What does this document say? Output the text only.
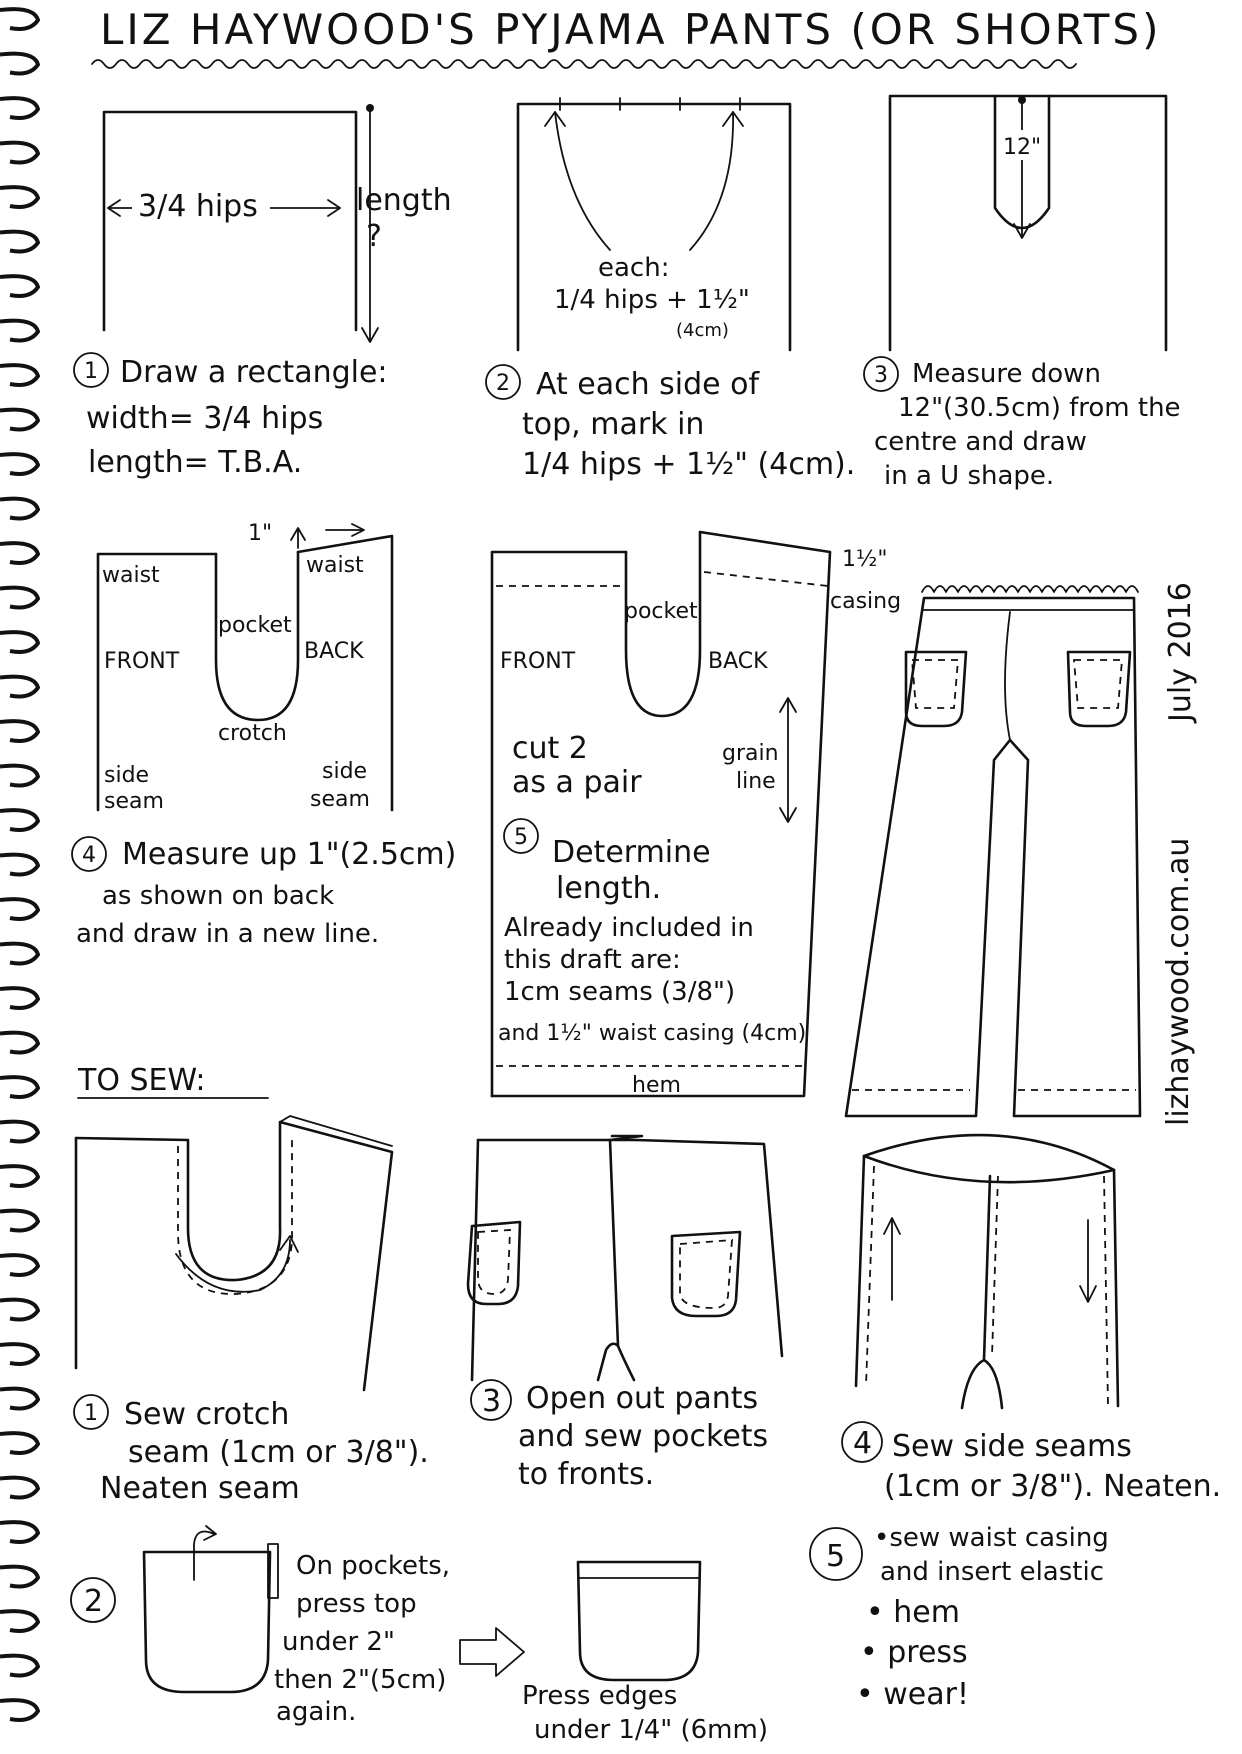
LIZ HAYWOOD'S PYJAMA PANTS (OR SHORTS)
3/4 hips	length
?
1 Draw a rectangle:
width= 3/4 hips
length= T.B.A.
each:
1/4 hips + 1½"
(4cm)
2 At each side of
top, mark in
1/4 hips + 1½" (4cm).
12"
3 Measure down
12"(30.5cm) from the
centre and draw
in a U shape.
1"
waist	waist
pocket
FRONT	BACK
crotch
side
seam
side
seam
4 Measure up 1"(2.5cm)
as shown on back
and draw in a new line.
pocket
FRONT	BACK
cut 2
as a pair
grain
line
hem
1½"
casing
5 Determine
length.
Already included in
this draft are:
1cm seams (3/8")
and 1½" waist casing (4cm)
July 2016
lizhaywood.com.au
TO SEW:
1 Sew crotch
seam (1cm or 3/8").
Neaten seam
2
On pockets,
press top
under 2"
then 2"(5cm)
again.
Press edges
under 1/4" (6mm)
3 Open out pants
and sew pockets
to fronts.
4 Sew side seams
(1cm or 3/8"). Neaten.
5
•sew waist casing
and insert elastic
• hem
• press
• wear!
